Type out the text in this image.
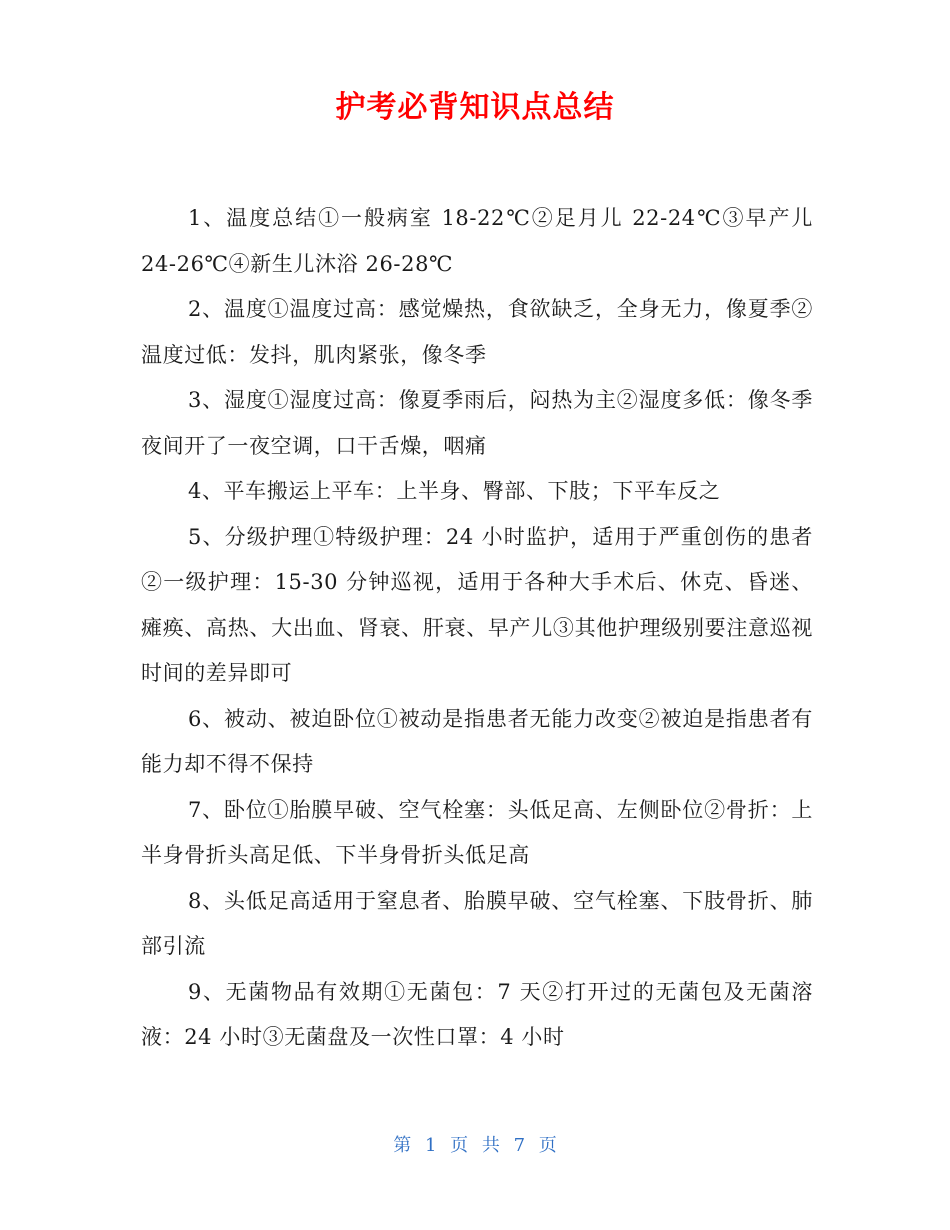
护考必背知识点总结

1、温度总结①一般病室 18-22℃②足月儿 22-24℃③早产儿 24-26℃④新生儿沐浴 26-28℃

2、温度①温度过高：感觉燥热，食欲缺乏，全身无力，像夏季②温度过低：发抖，肌肉紧张，像冬季

3、湿度①湿度过高：像夏季雨后，闷热为主②湿度多低：像冬季夜间开了一夜空调，口干舌燥，咽痛

4、平车搬运上平车：上半身、臀部、下肢；下平车反之

5、分级护理①特级护理：24 小时监护，适用于严重创伤的患者②一级护理：15-30 分钟巡视，适用于各种大手术后、休克、昏迷、瘫痪、高热、大出血、肾衰、肝衰、早产儿③其他护理级别要注意巡视时间的差异即可

6、被动、被迫卧位①被动是指患者无能力改变②被迫是指患者有能力却不得不保持

7、卧位①胎膜早破、空气栓塞：头低足高、左侧卧位②骨折：上半身骨折头高足低、下半身骨折头低足高

8、头低足高适用于窒息者、胎膜早破、空气栓塞、下肢骨折、肺部引流

9、无菌物品有效期①无菌包：7 天②打开过的无菌包及无菌溶液：24 小时③无菌盘及一次性口罩：4 小时

第 1 页 共 7 页
